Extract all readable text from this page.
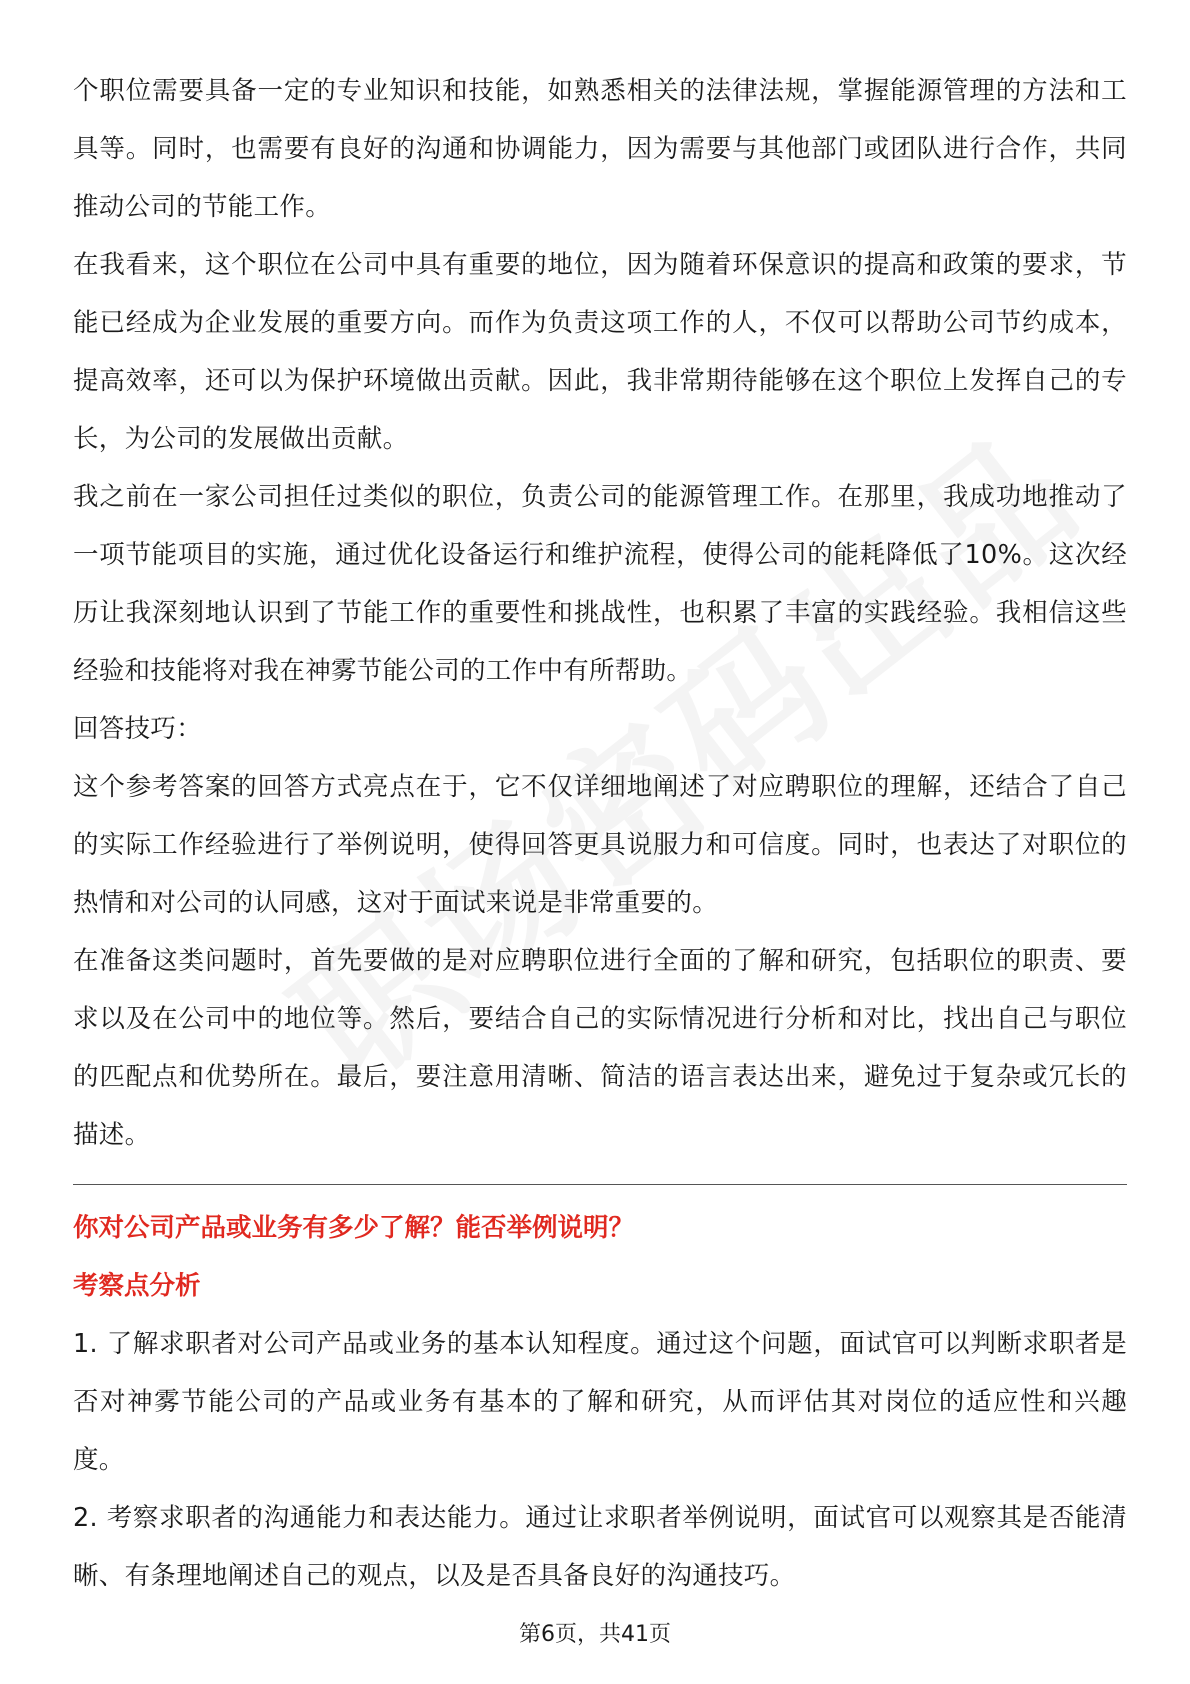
个职位需要具备一定的专业知识和技能，如熟悉相关的法律法规，掌握能源管理的方法和工具等。同时，也需要有良好的沟通和协调能力，因为需要与其他部门或团队进行合作，共同推动公司的节能工作。

在我看来，这个职位在公司中具有重要的地位，因为随着环保意识的提高和政策的要求，节能已经成为企业发展的重要方向。而作为负责这项工作的人，不仅可以帮助公司节约成本，提高效率，还可以为保护环境做出贡献。因此，我非常期待能够在这个职位上发挥自己的专长，为公司的发展做出贡献。

我之前在一家公司担任过类似的职位，负责公司的能源管理工作。在那里，我成功地推动了一项节能项目的实施，通过优化设备运行和维护流程，使得公司的能耗降低了10%。这次经历让我深刻地认识到了节能工作的重要性和挑战性，也积累了丰富的实践经验。我相信这些经验和技能将对我在神雾节能公司的工作中有所帮助。

回答技巧：

这个参考答案的回答方式亮点在于，它不仅详细地阐述了对应聘职位的理解，还结合了自己的实际工作经验进行了举例说明，使得回答更具说服力和可信度。同时，也表达了对职位的热情和对公司的认同感，这对于面试来说是非常重要的。

在准备这类问题时，首先要做的是对应聘职位进行全面的了解和研究，包括职位的职责、要求以及在公司中的地位等。然后，要结合自己的实际情况进行分析和对比，找出自己与职位的匹配点和优势所在。最后，要注意用清晰、简洁的语言表达出来，避免过于复杂或冗长的描述。

你对公司产品或业务有多少了解？能否举例说明？

考察点分析

1. 了解求职者对公司产品或业务的基本认知程度。通过这个问题，面试官可以判断求职者是否对神雾节能公司的产品或业务有基本的了解和研究，从而评估其对岗位的适应性和兴趣度。

2. 考察求职者的沟通能力和表达能力。通过让求职者举例说明，面试官可以观察其是否能清晰、有条理地阐述自己的观点，以及是否具备良好的沟通技巧。

第6页，共41页
